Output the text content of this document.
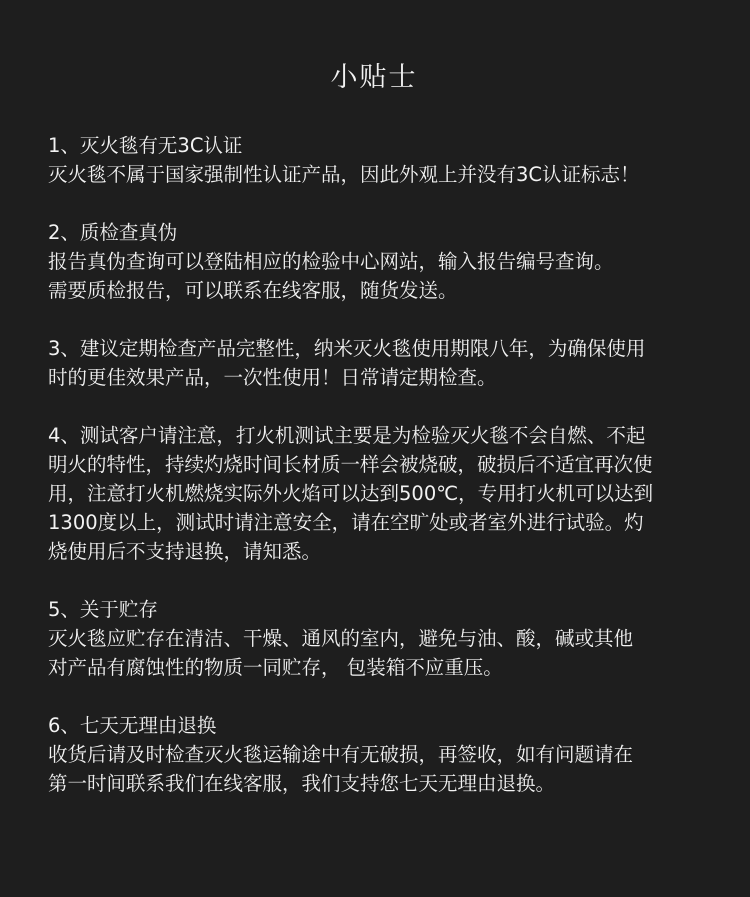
小贴士

1、灭火毯有无3C认证

灭火毯不属于国家强制性认证产品，因此外观上并没有3C认证标志！

2、质检查真伪

报告真伪查询可以登陆相应的检验中心网站，输入报告编号查询。
需要质检报告，可以联系在线客服，随货发送。

3、建议定期检查产品完整性，纳米灭火毯使用期限八年，为确保使用

时的更佳效果产品，一次性使用！日常请定期检查。

4、测试客户请注意，打火机测试主要是为检验灭火毯不会自燃、不起

明火的特性，持续灼烧时间长材质一样会被烧破，破损后不适宜再次使
用，注意打火机燃烧实际外火焰可以达到500℃，专用打火机可以达到
1300度以上，测试时请注意安全，请在空旷处或者室外进行试验。灼
烧使用后不支持退换，请知悉。

5、关于贮存

灭火毯应贮存在清洁、干燥、通风的室内，避免与油、酸，碱或其他
对产品有腐蚀性的物质一同贮存， 包装箱不应重压。

6、七天无理由退换

收货后请及时检查灭火毯运输途中有无破损，再签收，如有问题请在
第一时间联系我们在线客服，我们支持您七天无理由退换。
